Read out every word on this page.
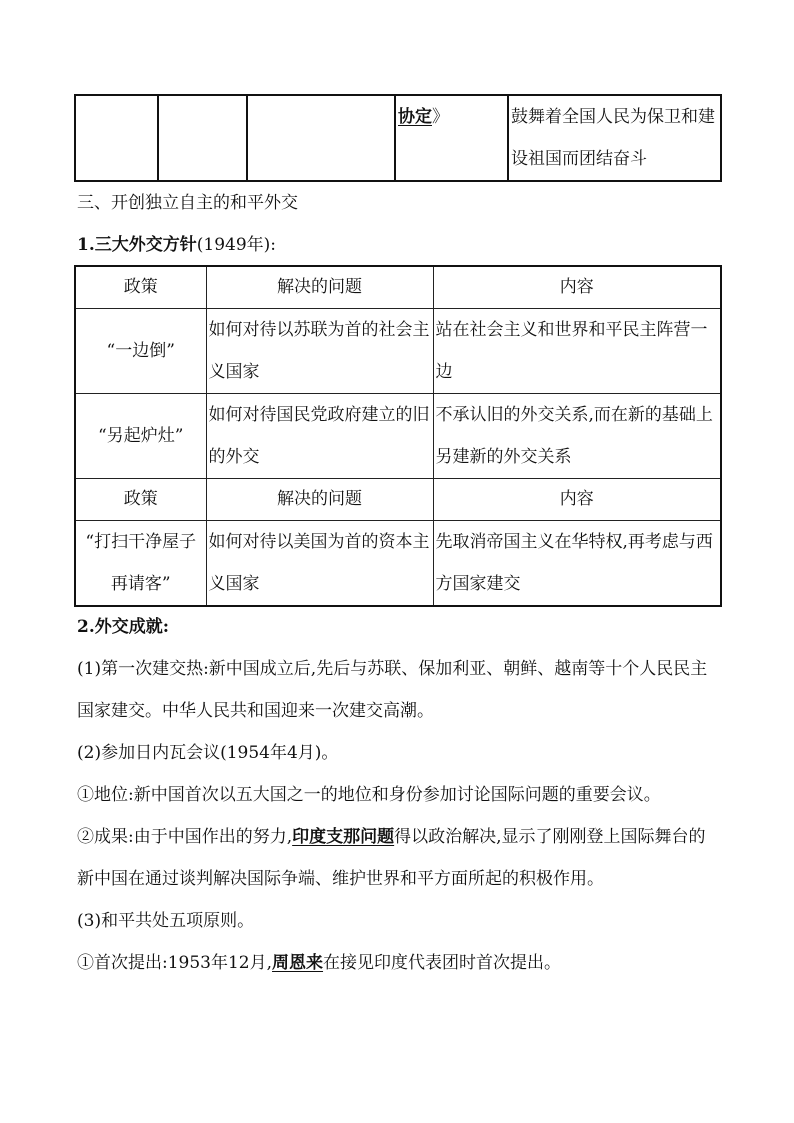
			协定》	鼓舞着全国人民为保卫和建设祖国而团结奋斗
三、开创独立自主的和平外交
1.三大外交方针(1949年):
政策	解决的问题	内容
“一边倒”	如何对待以苏联为首的社会主义国家	站在社会主义和世界和平民主阵营一边
“另起炉灶”	如何对待国民党政府建立的旧的外交	不承认旧的外交关系,而在新的基础上另建新的外交关系
政策	解决的问题	内容
“打扫干净屋子再请客”	如何对待以美国为首的资本主义国家	先取消帝国主义在华特权,再考虑与西方国家建交
2.外交成就:
(1)第一次建交热:新中国成立后,先后与苏联、保加利亚、朝鲜、越南等十个人民民主国家建交。中华人民共和国迎来一次建交高潮。
(2)参加日内瓦会议(1954年4月)。
①地位:新中国首次以五大国之一的地位和身份参加讨论国际问题的重要会议。
②成果:由于中国作出的努力,印度支那问题得以政治解决,显示了刚刚登上国际舞台的新中国在通过谈判解决国际争端、维护世界和平方面所起的积极作用。
(3)和平共处五项原则。
①首次提出:1953年12月,周恩来在接见印度代表团时首次提出。
